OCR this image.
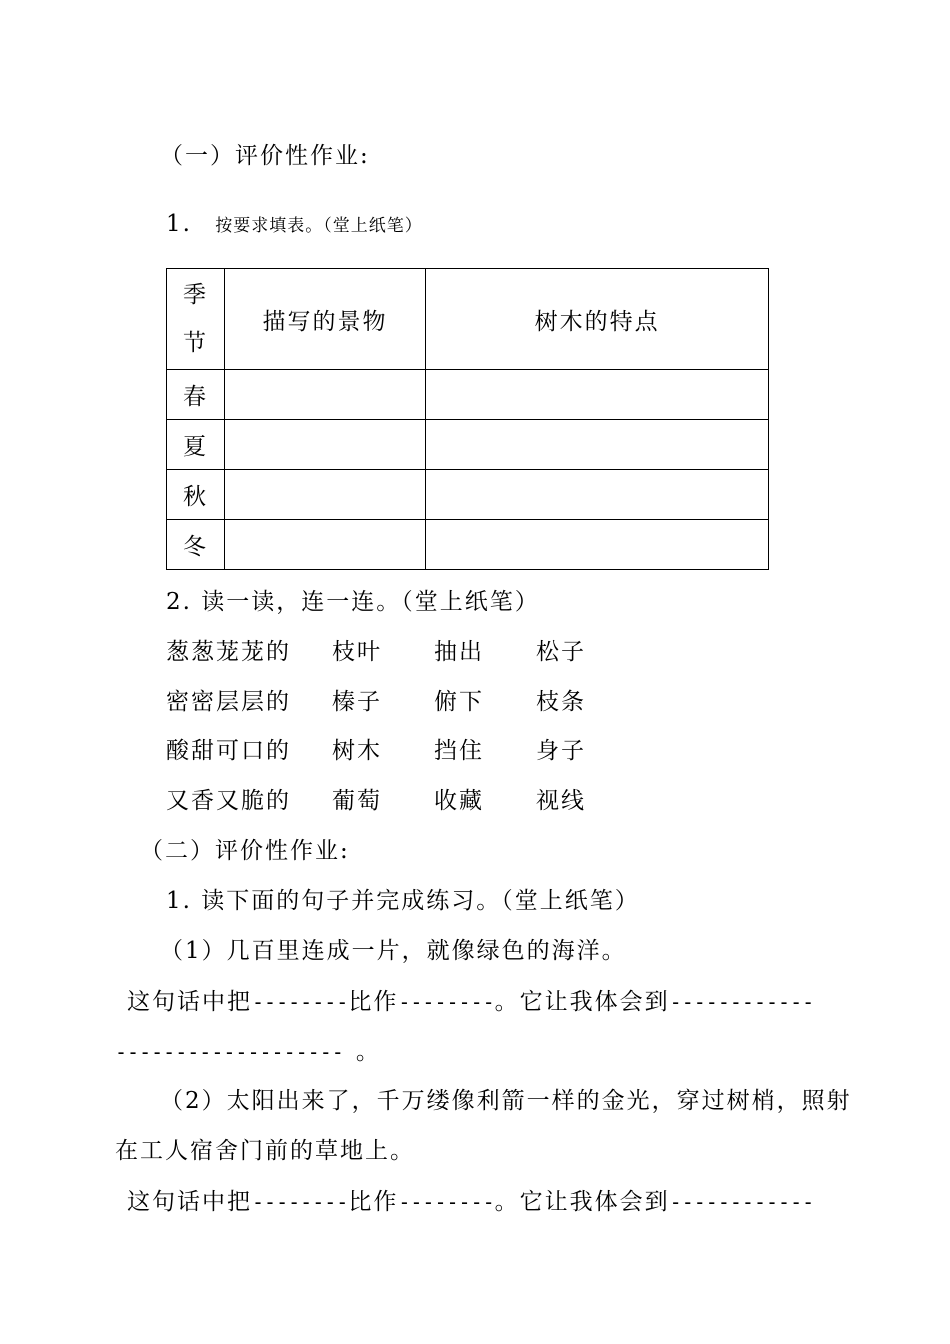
（一）评价性作业:
1. 按要求填表。（堂上纸笔）
季
节	描写的景物	树木的特点
春		
夏		
秋		
冬		
2. 读一读，连一连。（堂上纸笔）
葱葱茏茏的 枝叶 抽出 松子
密密层层的 榛子 俯下 枝条
酸甜可口的 树木 挡住 身子
又香又脆的 葡萄 收藏 视线
（二）评价性作业:
1. 读下面的句子并完成练习。（堂上纸笔）
（1）几百里连成一片，就像绿色的海洋。
这句话中把--------比作--------。它让我体会到------------
------------------- 。
（2）太阳出来了，千万缕像利箭一样的金光，穿过树梢，照射
在工人宿舍门前的草地上。
这句话中把--------比作--------。它让我体会到------------
